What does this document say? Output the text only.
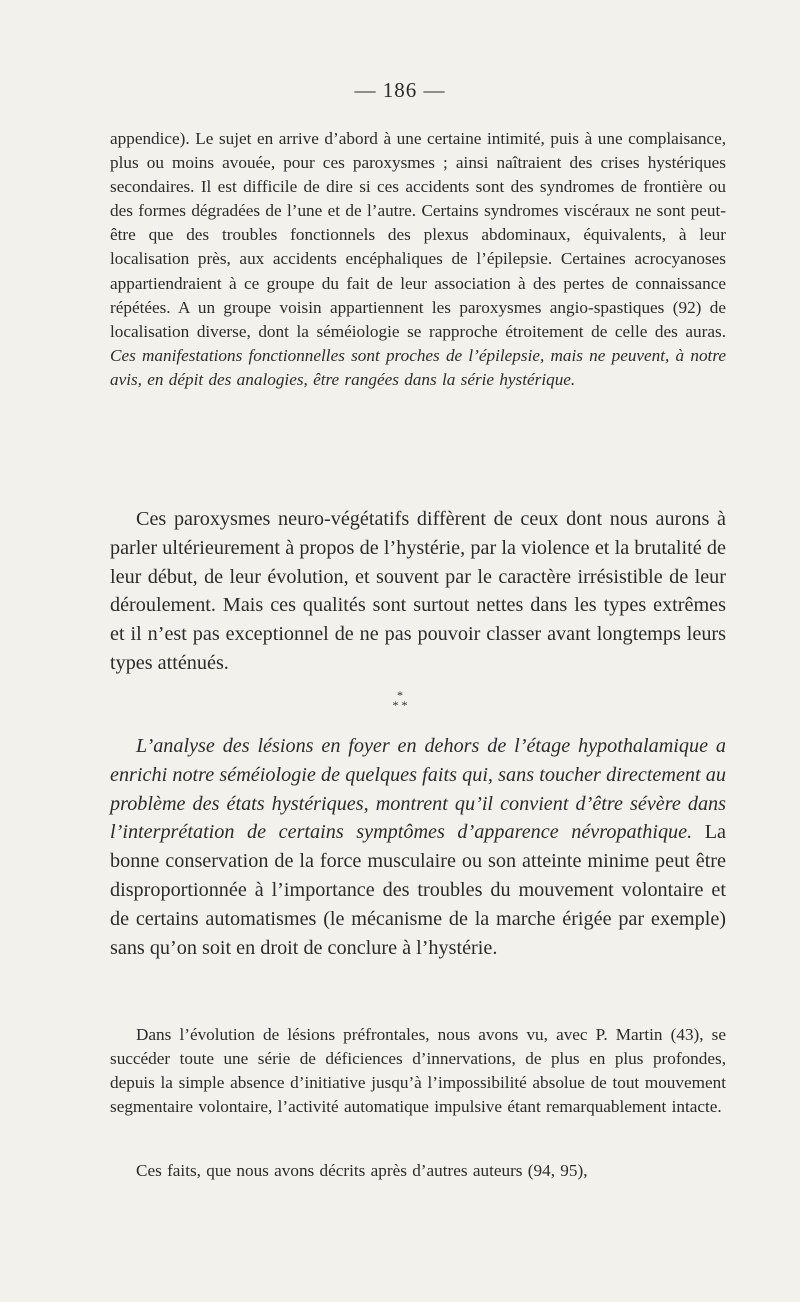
— 186 —

appendice). Le sujet en arrive d’abord à une certaine intimité, puis à une complaisance, plus ou moins avouée, pour ces paroxysmes ; ainsi naîtraient des crises hystériques secondaires. Il est difficile de dire si ces accidents sont des syndromes de frontière ou des formes dégradées de l’une et de l’autre. Certains syndromes viscéraux ne sont peut-être que des troubles fonctionnels des plexus abdominaux, équivalents, à leur localisation près, aux accidents encéphaliques de l’épilepsie. Certaines acrocyanoses appartiendraient à ce groupe du fait de leur association à des pertes de connaissance répétées. A un groupe voisin appartiennent les paroxysmes angio-spastiques (92) de localisation diverse, dont la séméiologie se rapproche étroitement de celle des auras. Ces manifestations fonctionnelles sont proches de l’épilepsie, mais ne peuvent, à notre avis, en dépit des analogies, être rangées dans la série hystérique.

Ces paroxysmes neuro-végétatifs diffèrent de ceux dont nous aurons à parler ultérieurement à propos de l’hystérie, par la violence et la brutalité de leur début, de leur évolution, et souvent par le caractère irrésistible de leur déroulement. Mais ces qualités sont surtout nettes dans les types extrêmes et il n’est pas exceptionnel de ne pas pouvoir classer avant longtemps leurs types atténués.

*
* *

L’analyse des lésions en foyer en dehors de l’étage hypothalamique a enrichi notre séméiologie de quelques faits qui, sans toucher directement au problème des états hystériques, montrent qu’il convient d’être sévère dans l’interprétation de certains symptômes d’apparence névropathique. La bonne conservation de la force musculaire ou son atteinte minime peut être disproportionnée à l’importance des troubles du mouvement volontaire et de certains automatismes (le mécanisme de la marche érigée par exemple) sans qu’on soit en droit de conclure à l’hystérie.

Dans l’évolution de lésions préfrontales, nous avons vu, avec P. Martin (43), se succéder toute une série de déficiences d’innervations, de plus en plus profondes, depuis la simple absence d’initiative jusqu’à l’impossibilité absolue de tout mouvement segmentaire volontaire, l’activité automatique impulsive étant remarquablement intacte.

Ces faits, que nous avons décrits après d’autres auteurs (94, 95),
